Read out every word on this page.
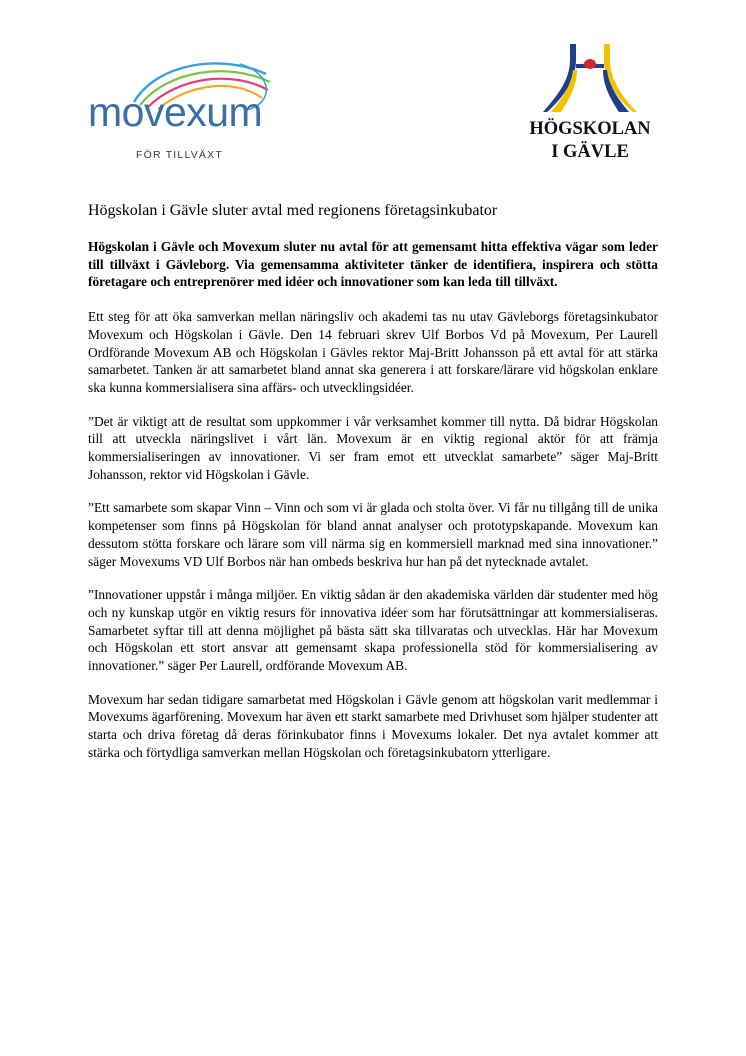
movexum
FÖR TILLVÄXT
HÖGSKOLAN
I GÄVLE
Högskolan i Gävle sluter avtal med regionens företagsinkubator

Högskolan i Gävle och Movexum sluter nu avtal för att gemensamt hitta effektiva vägar som leder till tillväxt i Gävleborg. Via gemensamma aktiviteter tänker de identifiera, inspirera och stötta företagare och entreprenörer med idéer och innovationer som kan leda till tillväxt.

Ett steg för att öka samverkan mellan näringsliv och akademi tas nu utav Gävleborgs företagsinkubator Movexum och Högskolan i Gävle. Den 14 februari skrev Ulf Borbos Vd på Movexum, Per Laurell Ordförande Movexum AB och Högskolan i Gävles rektor Maj-Britt Johansson på ett avtal för att stärka samarbetet. Tanken är att samarbetet bland annat ska generera i att forskare/lärare vid högskolan enklare ska kunna kommersialisera sina affärs- och utvecklingsidéer.

”Det är viktigt att de resultat som uppkommer i vår verksamhet kommer till nytta. Då bidrar Högskolan till att utveckla näringslivet i vårt län. Movexum är en viktig regional aktör för att främja kommersialiseringen av innovationer. Vi ser fram emot ett utvecklat samarbete” säger Maj-Britt Johansson, rektor vid Högskolan i Gävle.

”Ett samarbete som skapar Vinn – Vinn och som vi är glada och stolta över. Vi får nu tillgång till de unika kompetenser som finns på Högskolan för bland annat analyser och prototypskapande. Movexum kan dessutom stötta forskare och lärare som vill närma sig en kommersiell marknad med sina innovationer.” säger Movexums VD Ulf Borbos när han ombeds beskriva hur han på det nytecknade avtalet.

”Innovationer uppstår i många miljöer. En viktig sådan är den akademiska världen där studenter med hög och ny kunskap utgör en viktig resurs för innovativa idéer som har förutsättningar att kommersialiseras. Samarbetet syftar till att denna möjlighet på bästa sätt ska tillvaratas och utvecklas. Här har Movexum och Högskolan ett stort ansvar att gemensamt skapa professionella stöd för kommersialisering av innovationer.” säger Per Laurell, ordförande Movexum AB.

Movexum har sedan tidigare samarbetat med Högskolan i Gävle genom att högskolan varit medlemmar i Movexums ägarförening. Movexum har även ett starkt samarbete med Drivhuset som hjälper studenter att starta och driva företag då deras förinkubator finns i Movexums lokaler. Det nya avtalet kommer att stärka och förtydliga samverkan mellan Högskolan och företagsinkubatorn ytterligare.
